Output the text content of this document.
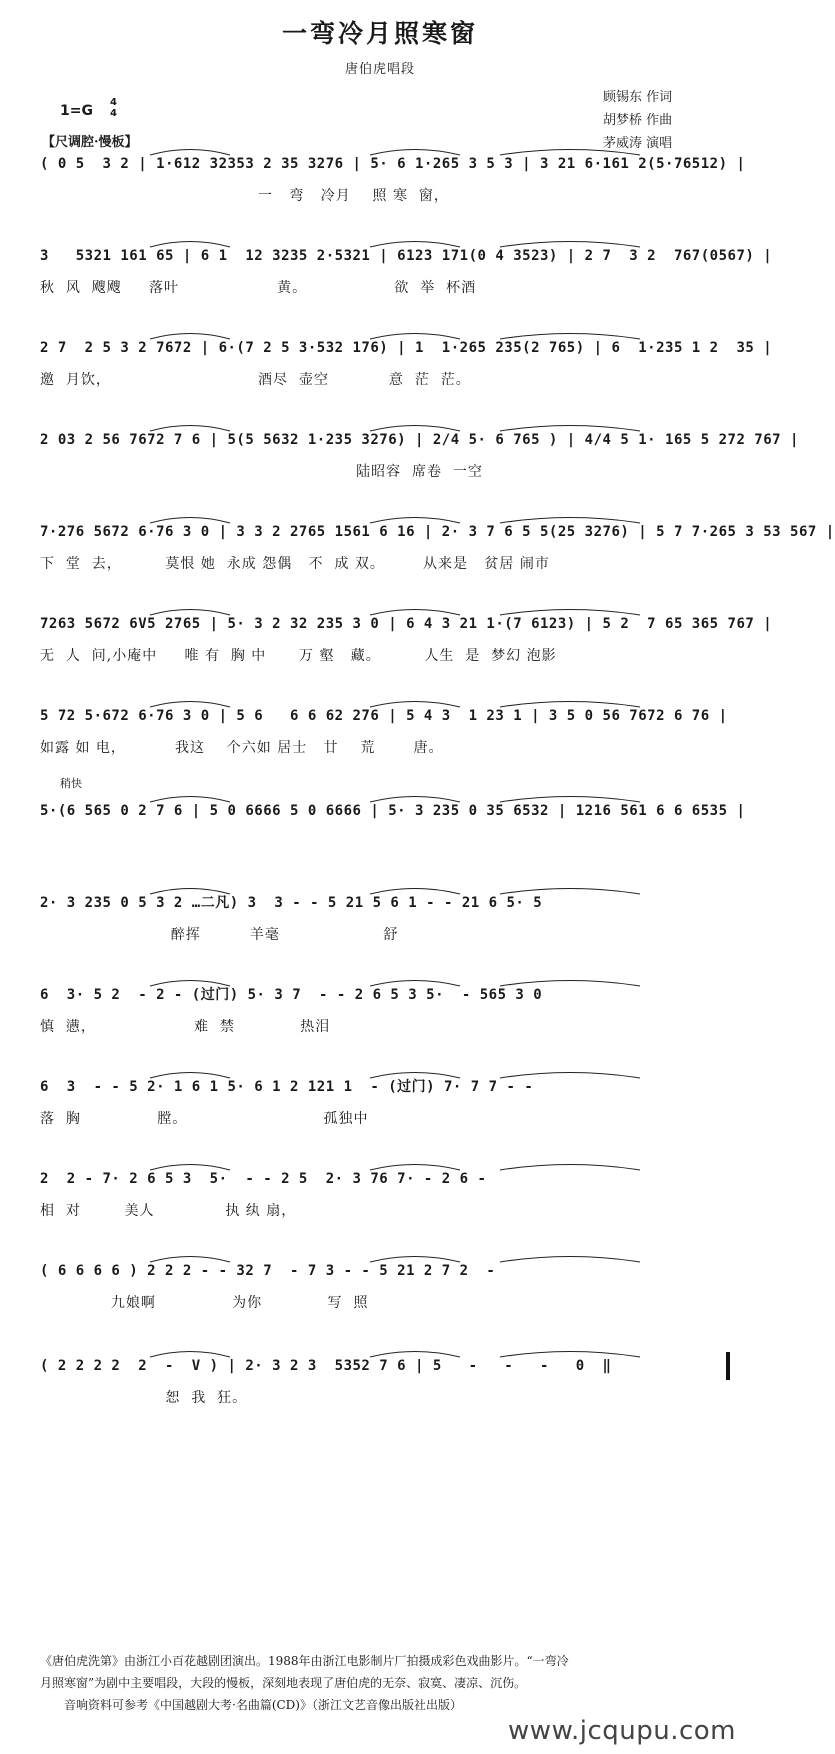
一弯冷月照寒窗
唐伯虎唱段
1=G
4
4
【尺调腔·慢板】
顾锡东 作词
胡梦桥 作曲
茅威涛 演唱
( 0 5  3 2 | 1·612 32353 2 35 3276 | 5· 6 1·265 3 5 3 | 3 21 6·161 2(5·76512) |
一   弯   冷月    照 寒  窗，
3   5321 161 65 | 6 1  12 3235 2·5321 | 6123 171(0 4 3523) | 2 7  3 2  767(0567) |
秋  风  飕飕     落叶                  黄。                欲  举  杯酒
2 7  2 5 3 2 7672 | 6·(7 2 5 3·532 176) | 1  1·265 235(2 765) | 6  1·235 1 2  35 |
邀  月饮，                           酒尽  壶空           意  茫  茫。
2 03 2 56 7672 7 6 | 5(5 5632 1·235 3276) | 2/4 5· 6 765 ) | 4/4 5 1· 165 5 272 767 |
陆昭容  席卷  一空
7·276 5672 6·76 3 0 | 3 3 2 2765 1561 6 16 | 2· 3 7 6 5 5(25 3276) | 5 7 7·265 3 53 567 |
下  堂  去，        莫恨 她  永成 怨偶   不  成 双。       从来是   贫居 闹市
7263 5672 6V5 2765 | 5· 3 2 32 235 3 0 | 6 4 3 21 1·(7 6123) | 5 2  7 65 365 767 |
无  人  问,小庵中     唯 有  胸 中      万 壑   藏。        人生  是  梦幻 泡影
5 72 5·672 6·76 3 0 | 5 6   6 6 62 276 | 5 4 3  1 23 1 | 3 5 0 56 7672 6 76 |
如露 如 电，         我这    个六如 居士   廿    荒       唐。
稍快
5·(6 565 0 2 7 6 | 5 0 6666 5 0 6666 | 5· 3 235 0 35 6532 | 1216 561 6 6 6535 |
2· 3 235 0 5 3 2 …二凡) 3  3 - - 5 21 5 6 1 - - 21 6 5· 5
醉挥         羊毫                   舒
6  3· 5 2  - 2 - (过门) 5· 3 7  - - 2 6 5 3 5·  - 565 3 0
慎  懑，                  难  禁            热泪
6  3  - - 5 2· 1 6 1 5· 6 1 2 121 1  - (过门) 7· 7 7 - -
落  胸              膛。                         孤独中
2  2 - 7· 2 6 5 3  5·  - - 2 5  2· 3 76 7· - 2 6 -
相  对        美人             执 纨 扇，
( 6 6 6 6 ) 2 2 2 - - 32 7  - 7 3 - - 5 21 2 7 2  -
九娘啊              为你            写  照
( 2 2 2 2  2  -  V ) | 2· 3 2 3  5352 7 6 | 5   -   -   -   0  ‖
恕  我  狂。
《唐伯虎洗第》由浙江小百花越剧团演出。1988年由浙江电影制片厂拍摄成彩色戏曲影片。“一弯冷
月照寒窗”为剧中主要唱段，大段的慢板，深刻地表现了唐伯虎的无奈、寂寞、凄凉、沉伤。
音响资料可参考《中国越剧大考·名曲篇(CD)》（浙江文艺音像出版社出版）
www.jcqupu.com
